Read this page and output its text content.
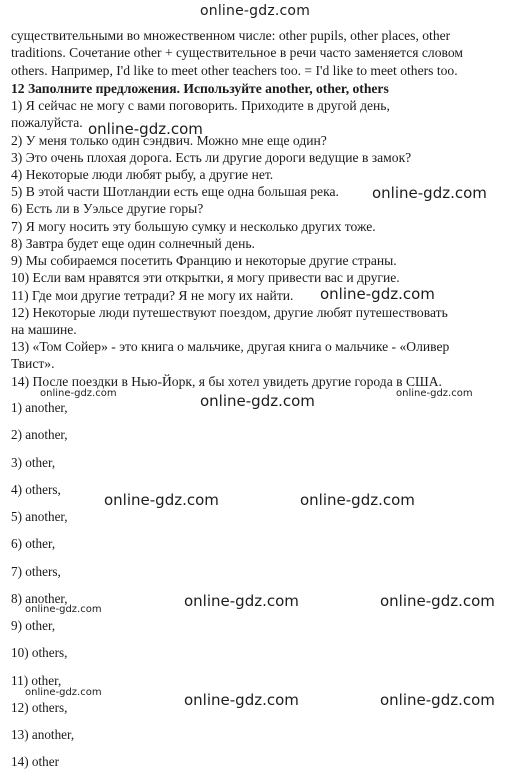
online-gdz.com
существительными во множественном числе: other pupils, other places, other
traditions. Сочетание other + существительное в речи часто заменяется словом
others. Например, I'd like to meet other teachers too. = I'd like to meet others too.
12 Заполните предложения. Используйте another, other, others
1) Я сейчас не могу с вами поговорить. Приходите в другой день,
пожалуйста.
2) У меня только один сэндвич. Можно мне еще один?
3) Это очень плохая дорога. Есть ли другие дороги ведущие в замок?
4) Некоторые люди любят рыбу, а другие нет.
5) В этой части Шотландии есть еще одна большая река.
6) Есть ли в Уэльсе другие горы?
7) Я могу носить эту большую сумку и несколько других тоже.
8) Завтра будет еще один солнечный день.
9) Мы собираемся посетить Францию и некоторые другие страны.
10) Если вам нравятся эти открытки, я могу привести вас и другие.
11) Где мои другие тетради? Я не могу их найти.
12) Некоторые люди путешествуют поездом, другие любят путешествовать
на машине.
13) «Том Сойер» - это книга о мальчике, другая книга о мальчике - «Оливер
Твист».
14) После поездки в Нью-Йорк, я бы хотел увидеть другие города в США.
1) another,
2) another,
3) other,
4) others,
5) another,
6) other,
7) others,
8) another,
9) other,
10) others,
11) other,
12) others,
13) another,
14) other
online-gdz.com
online-gdz.com
online-gdz.com
online-gdz.com	online-gdz.com	online-gdz.com
online-gdz.com	online-gdz.com
online-gdz.com	online-gdz.com
online-gdz.com
online-gdz.com	online-gdz.com
online-gdz.com
